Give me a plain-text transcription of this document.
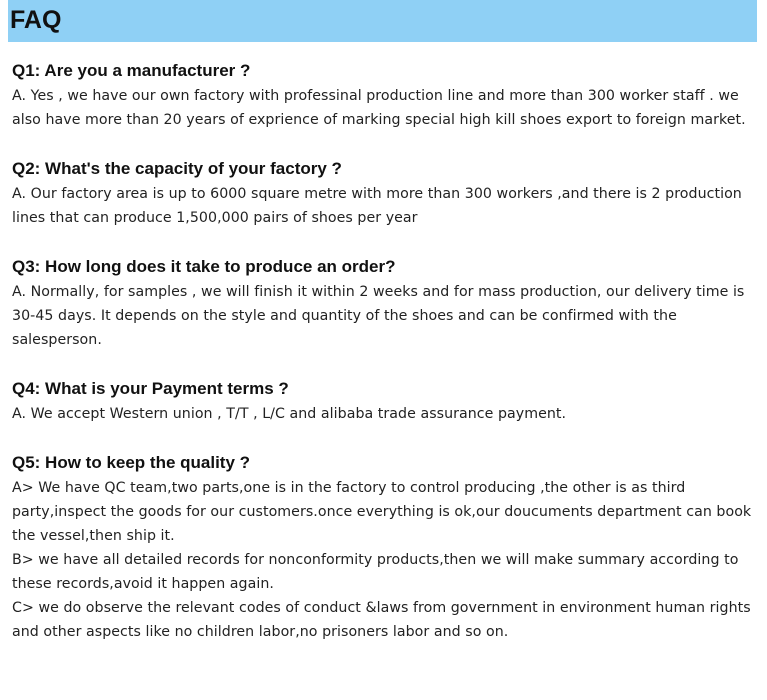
FAQ
Q1: Are you a manufacturer ?

A. Yes , we have our own factory with professinal production line and more than 300 worker staff . we also have more than 20 years of exprience of marking special high kill shoes export to foreign market.

Q2: What's the capacity of your factory ?

A. Our factory area is up to 6000 square metre with more than 300 workers ,and there is 2 production lines that can produce 1,500,000 pairs of shoes per year

Q3: How long does it take to produce an order?

A. Normally, for samples , we will finish it within 2 weeks and for mass production, our delivery time is 30-45 days. It depends on the style and quantity of the shoes and can be confirmed with the salesperson.

Q4: What is your Payment terms ?

A. We accept Western union , T/T , L/C and alibaba trade assurance payment.

Q5: How to keep the quality ?

A> We have QC team,two parts,one is in the factory to control producing ,the other is as third party,inspect the goods for our customers.once everything is ok,our doucuments department can book the vessel,then ship it.

B> we have all detailed records for nonconformity products,then we will make summary according to these records,avoid it happen again.

C> we do observe the relevant codes of conduct &laws from government in environment human rights and other aspects like no children labor,no prisoners labor and so on.
